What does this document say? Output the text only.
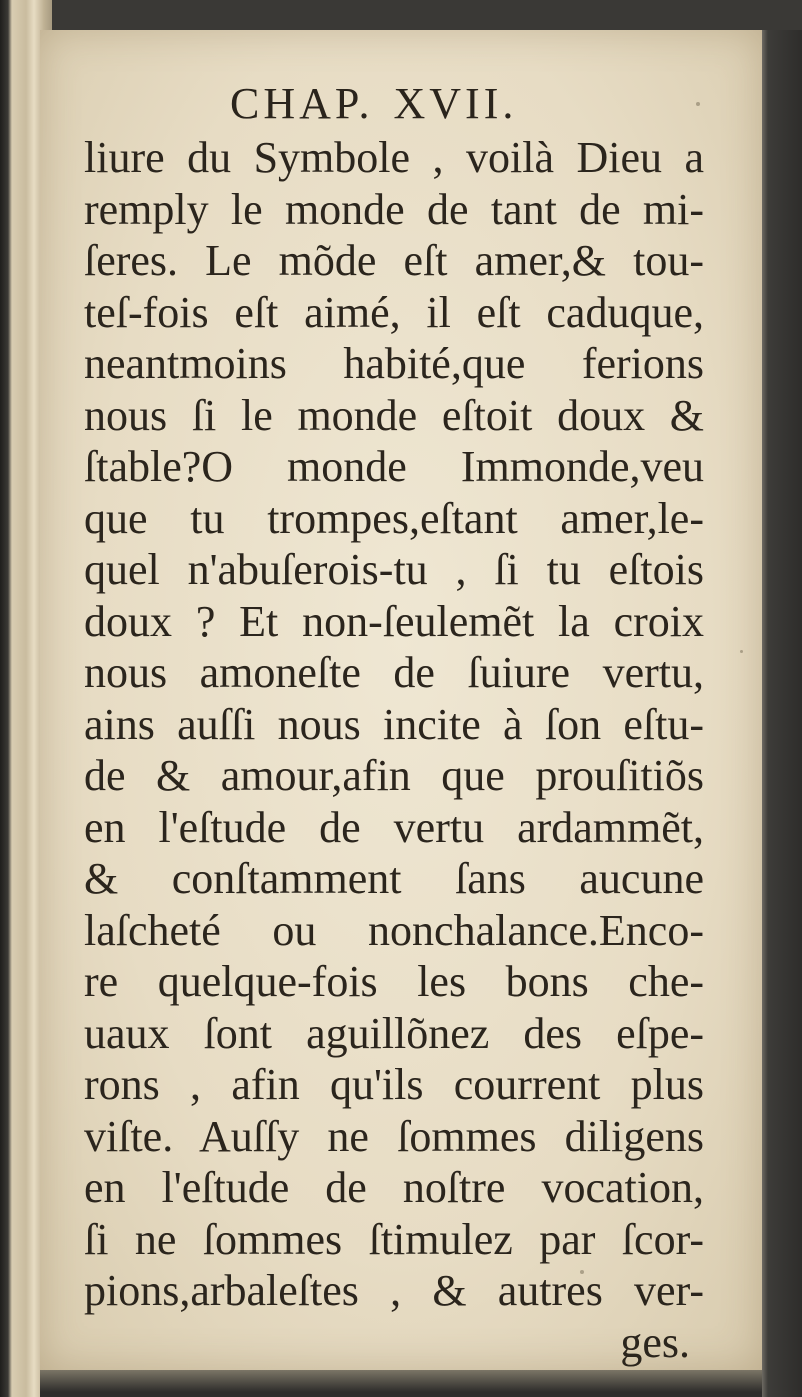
CHAP. XVII.
liure du Symbole , voilà Dieu a
remply le monde de tant de mi-
ſeres. Le mõde eſt amer,& tou-
teſ-fois eſt aimé, il eſt caduque,
neantmoins habité,que ferions
nous ſi le monde eſtoit doux &
ſtable?O monde Immonde,veu
que tu trompes,eſtant amer,le-
quel n'abuſerois-tu , ſi tu eſtois
doux ? Et non-ſeulemẽt la croix
nous amoneſte de ſuiure vertu,
ains auſſi nous incite à ſon eſtu-
de & amour,afin que prouſitiõs
en l'eſtude de vertu ardammẽt,
& conſtamment ſans aucune
laſcheté ou nonchalance.Enco-
re quelque-fois les bons che-
uaux ſont aguillõnez des eſpe-
rons , afin qu'ils courrent plus
viſte. Auſſy ne ſommes diligens
en l'eſtude de noſtre vocation,
ſi ne ſommes ſtimulez par ſcor-
pions,arbaleſtes , & autres ver-
ges.
